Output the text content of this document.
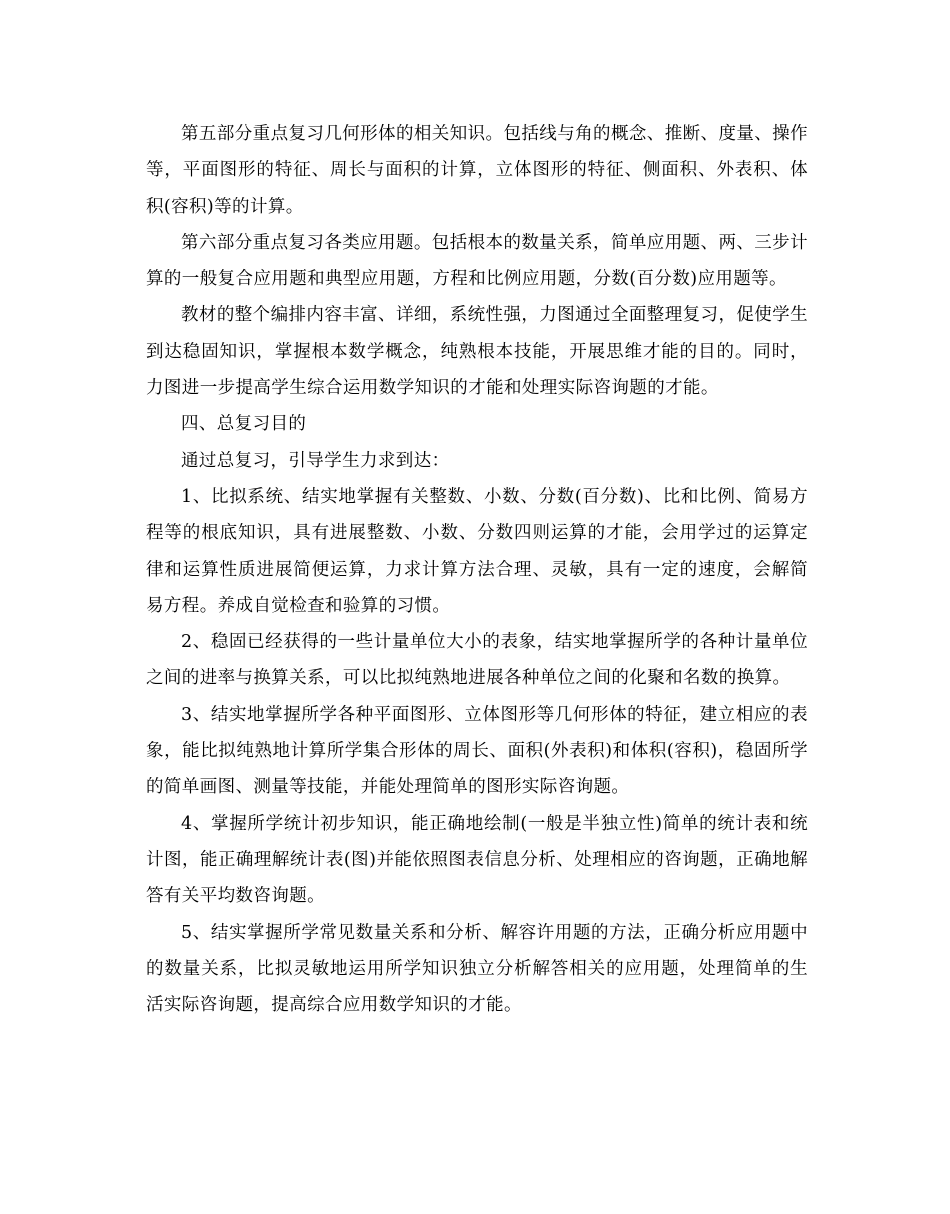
第五部分重点复习几何形体的相关知识。包括线与角的概念、推断、度量、操作等，平面图形的特征、周长与面积的计算，立体图形的特征、侧面积、外表积、体积(容积)等的计算。

第六部分重点复习各类应用题。包括根本的数量关系，简单应用题、两、三步计算的一般复合应用题和典型应用题，方程和比例应用题，分数(百分数)应用题等。

教材的整个编排内容丰富、详细，系统性强，力图通过全面整理复习，促使学生到达稳固知识，掌握根本数学概念，纯熟根本技能，开展思维才能的目的。同时，力图进一步提高学生综合运用数学知识的才能和处理实际咨询题的才能。

四、总复习目的

通过总复习，引导学生力求到达：

1、比拟系统、结实地掌握有关整数、小数、分数(百分数)、比和比例、简易方程等的根底知识，具有进展整数、小数、分数四则运算的才能，会用学过的运算定律和运算性质进展简便运算，力求计算方法合理、灵敏，具有一定的速度，会解简易方程。养成自觉检查和验算的习惯。

2、稳固已经获得的一些计量单位大小的表象，结实地掌握所学的各种计量单位之间的进率与换算关系，可以比拟纯熟地进展各种单位之间的化聚和名数的换算。

3、结实地掌握所学各种平面图形、立体图形等几何形体的特征，建立相应的表象，能比拟纯熟地计算所学集合形体的周长、面积(外表积)和体积(容积)，稳固所学的简单画图、测量等技能，并能处理简单的图形实际咨询题。

4、掌握所学统计初步知识，能正确地绘制(一般是半独立性)简单的统计表和统计图，能正确理解统计表(图)并能依照图表信息分析、处理相应的咨询题，正确地解答有关平均数咨询题。

5、结实掌握所学常见数量关系和分析、解容许用题的方法，正确分析应用题中的数量关系，比拟灵敏地运用所学知识独立分析解答相关的应用题，处理简单的生活实际咨询题，提高综合应用数学知识的才能。
